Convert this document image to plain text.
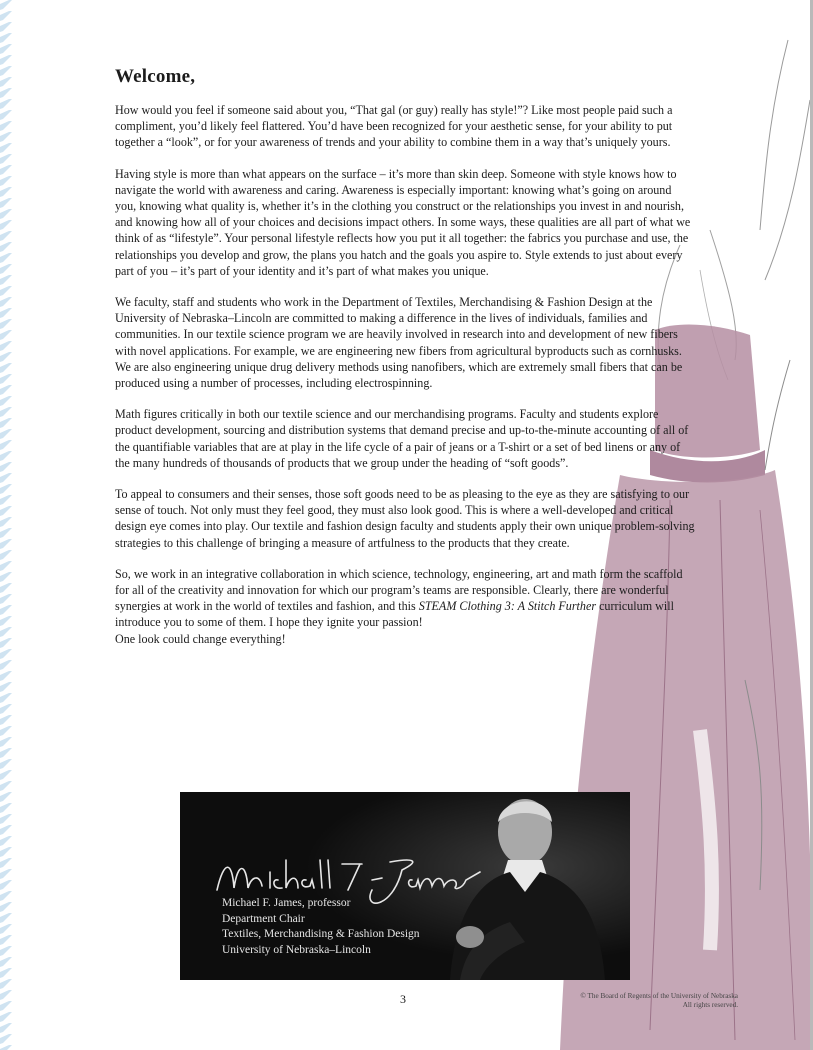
Welcome,

How would you feel if someone said about you, “That gal (or guy) really has style!”? Like most people paid such a compliment, you’d likely feel flattered. You’d have been recognized for your aesthetic sense, for your ability to put together a “look”, or for your awareness of trends and your ability to combine them in a way that’s uniquely yours.

Having style is more than what appears on the surface – it’s more than skin deep. Someone with style knows how to navigate the world with awareness and caring. Awareness is especially important: knowing what’s going on around you, knowing what quality is, whether it’s in the clothing you construct or the relationships you invest in and nourish, and knowing how all of your choices and decisions impact others. In some ways, these qualities are all part of what we think of as “lifestyle”. Your personal lifestyle reflects how you put it all together: the fabrics you purchase and use, the relationships you develop and grow, the plans you hatch and the goals you aspire to. Style extends to just about every part of you – it’s part of your identity and it’s part of what makes you unique.

We faculty, staff and students who work in the Department of Textiles, Merchandising & Fashion Design at the University of Nebraska–Lincoln are committed to making a difference in the lives of individuals, families and communities. In our textile science program we are heavily involved in research into and development of new fibers with novel applications. For example, we are engineering new fibers from agricultural byproducts such as cornhusks. We are also engineering unique drug delivery methods using nanofibers, which are extremely small fibers that can be produced using a number of processes, including electrospinning.

Math figures critically in both our textile science and our merchandising programs. Faculty and students explore product development, sourcing and distribution systems that demand precise and up-to-the-minute accounting of all of the quantifiable variables that are at play in the life cycle of a pair of jeans or a T-shirt or a set of bed linens or any of the many hundreds of thousands of products that we group under the heading of “soft goods”.

To appeal to consumers and their senses, those soft goods need to be as pleasing to the eye as they are satisfying to our sense of touch. Not only must they feel good, they must also look good. This is where a well-developed and critical design eye comes into play. Our textile and fashion design faculty and students apply their own unique problem-solving strategies to this challenge of bringing a measure of artfulness to the products that they create.

So, we work in an integrative collaboration in which science, technology, engineering, art and math form the scaffold for all of the creativity and innovation for which our program’s teams are responsible. Clearly, there are wonderful synergies at work in the world of textiles and fashion, and this STEAM Clothing 3: A Stitch Further curriculum will introduce you to some of them. I hope they ignite your passion!
One look could change everything!

Michael F. James, professor
Department Chair
Textiles, Merchandising & Fashion Design
University of Nebraska–Lincoln
3	© The Board of Regents of the University of Nebraska
All rights reserved.
